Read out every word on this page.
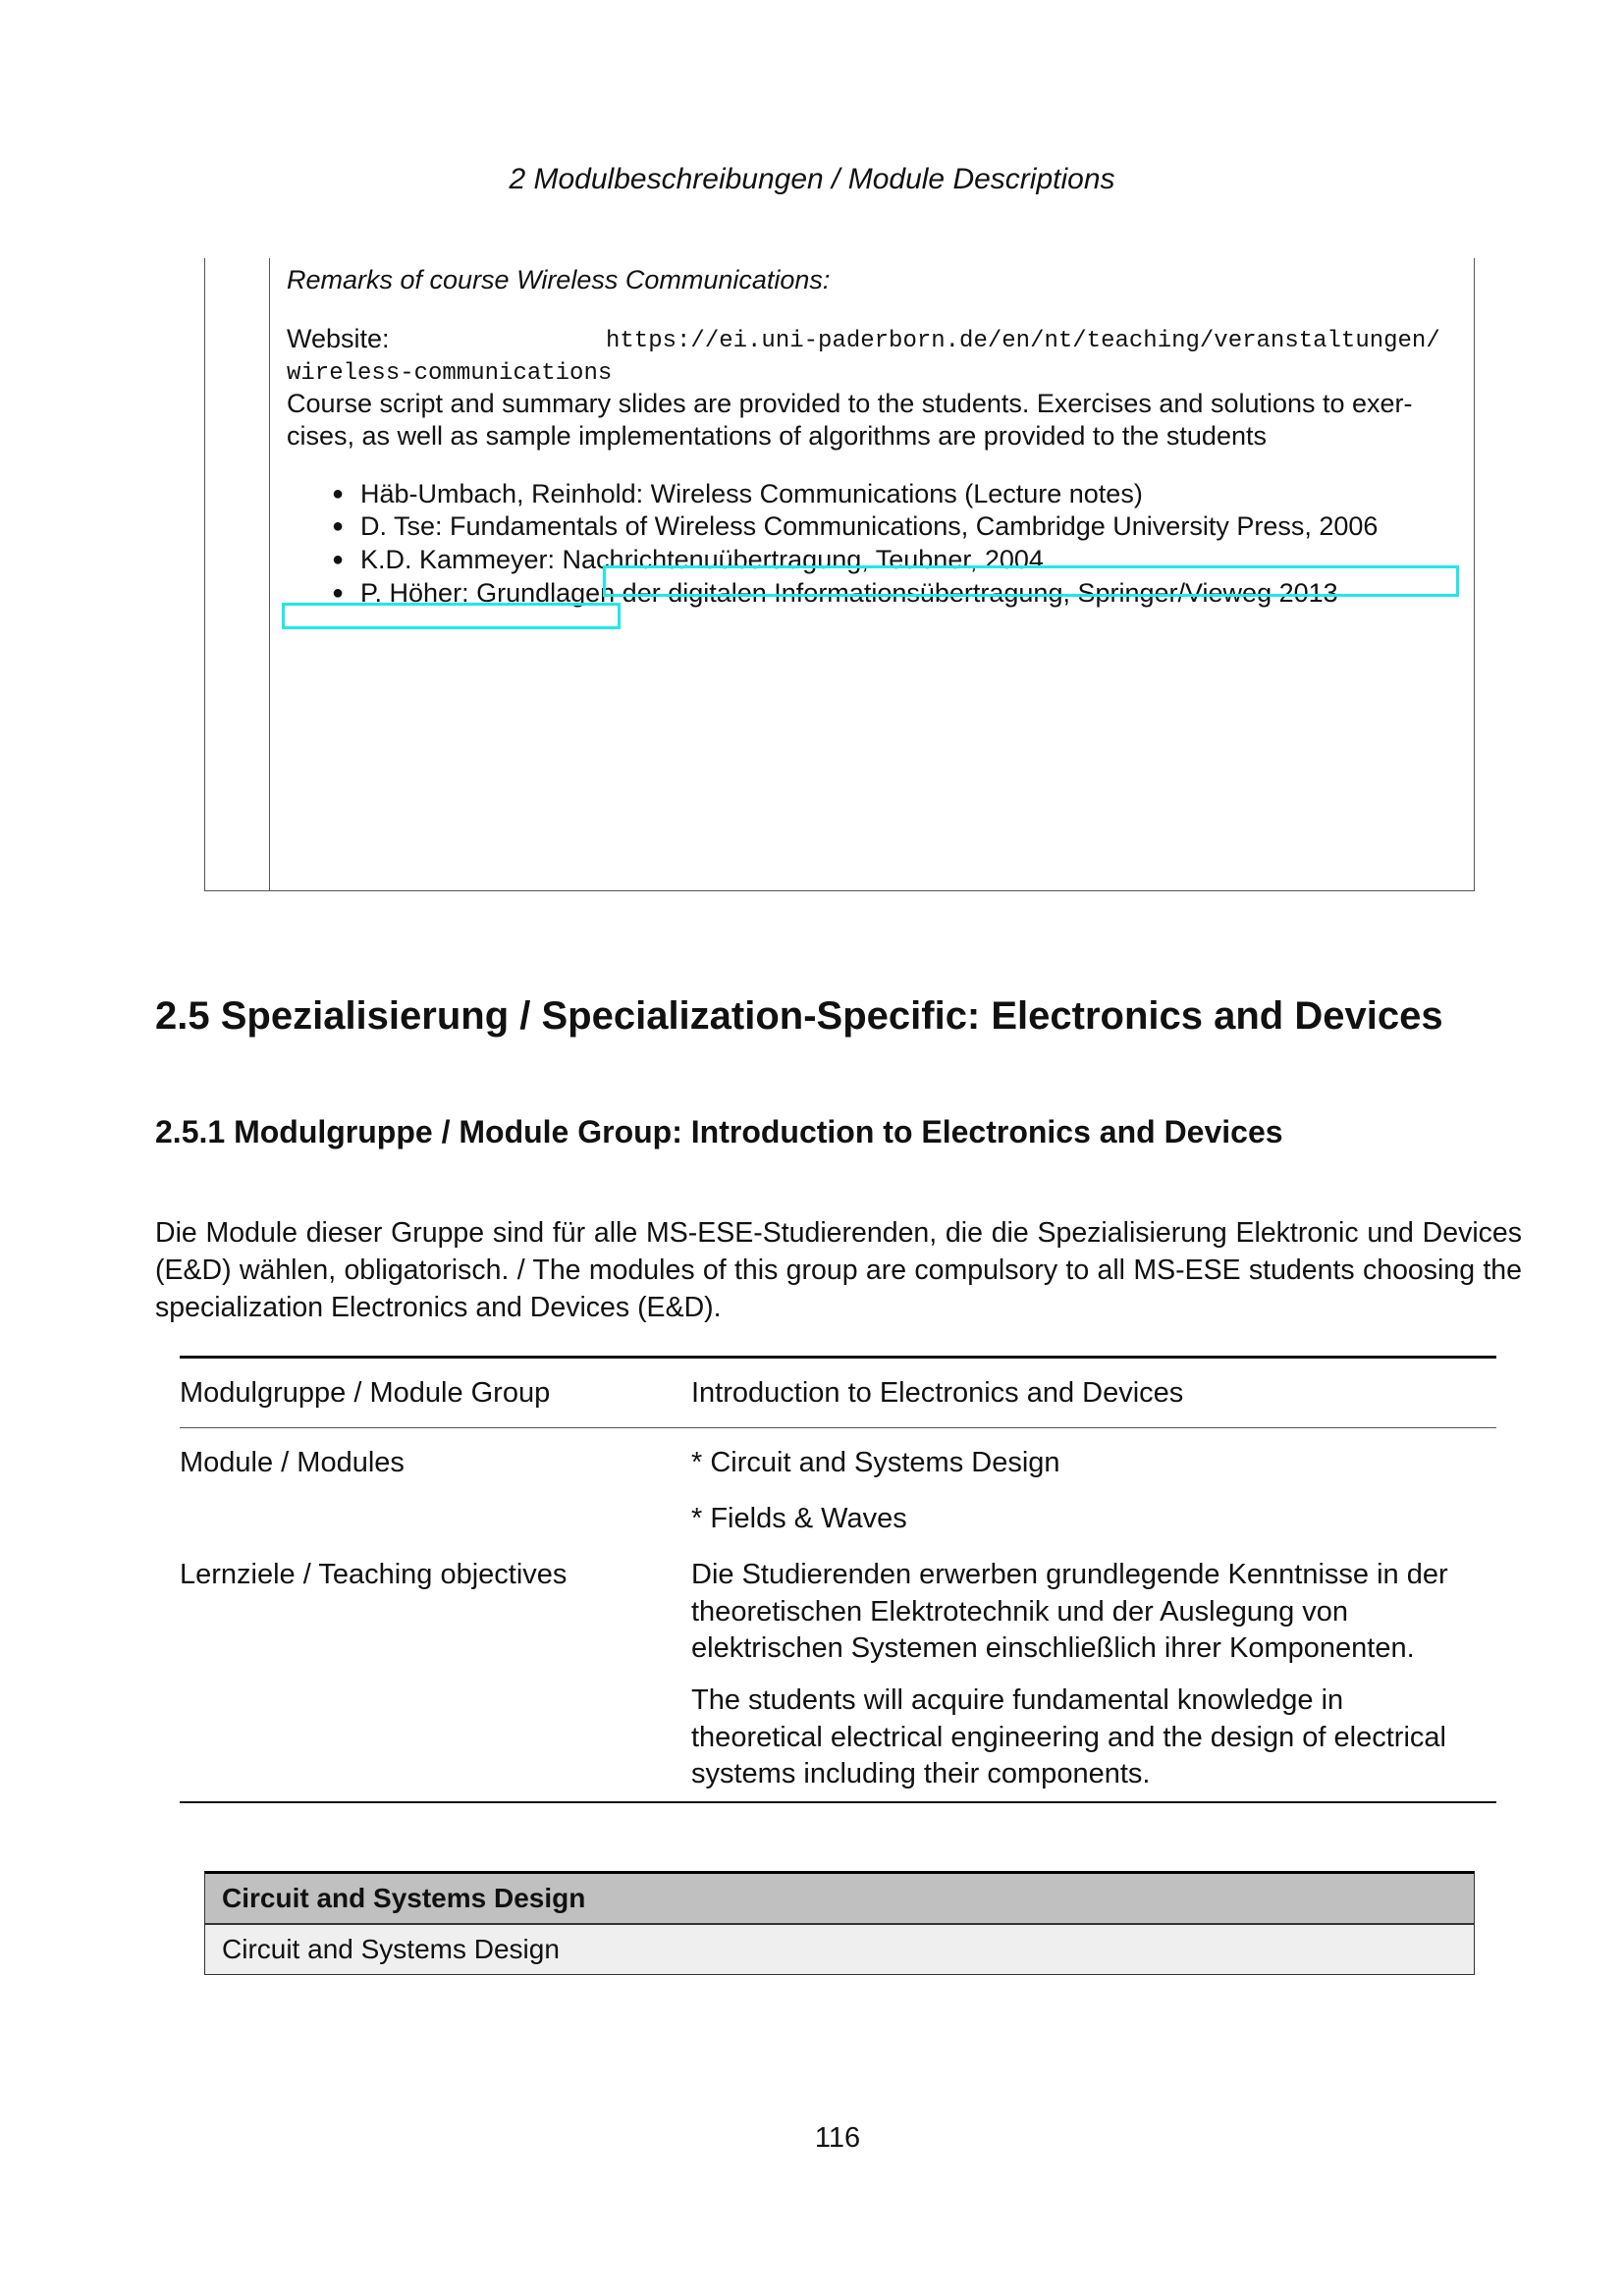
2 Modulbeschreibungen / Module Descriptions
Remarks of course Wireless Communications:
Website:	https://ei.uni-paderborn.de/en/nt/teaching/veranstaltungen/
wireless-communications
Course script and summary slides are provided to the students. Exercises and solutions to exer-
cises, as well as sample implementations of algorithms are provided to the students
● Häb-Umbach, Reinhold: Wireless Communications (Lecture notes)
● D. Tse: Fundamentals of Wireless Communications, Cambridge University Press, 2006
● K.D. Kammeyer: Nachrichtenuübertragung, Teubner, 2004
● P. Höher: Grundlagen der digitalen Informationsübertragung, Springer/Vieweg 2013
2.5 Spezialisierung / Specialization-Specific: Electronics and Devices
2.5.1 Modulgruppe / Module Group: Introduction to Electronics and Devices
Die Module dieser Gruppe sind für alle MS-ESE-Studierenden, die die Spezialisierung Elektronic und Devices (E&D) wählen, obligatorisch. / The modules of this group are compulsory to all MS-ESE students choosing the specialization Electronics and Devices (E&D).
Modulgruppe / Module Group	Introduction to Electronics and Devices
Module / Modules	* Circuit and Systems Design
* Fields & Waves
Lernziele / Teaching objectives	Die Studierenden erwerben grundlegende Kenntnisse in der
theoretischen Elektrotechnik und der Auslegung von
elektrischen Systemen einschließlich ihrer Komponenten.
The students will acquire fundamental knowledge in
theoretical electrical engineering and the design of electrical
systems including their components.
Circuit and Systems Design
Circuit and Systems Design
116
